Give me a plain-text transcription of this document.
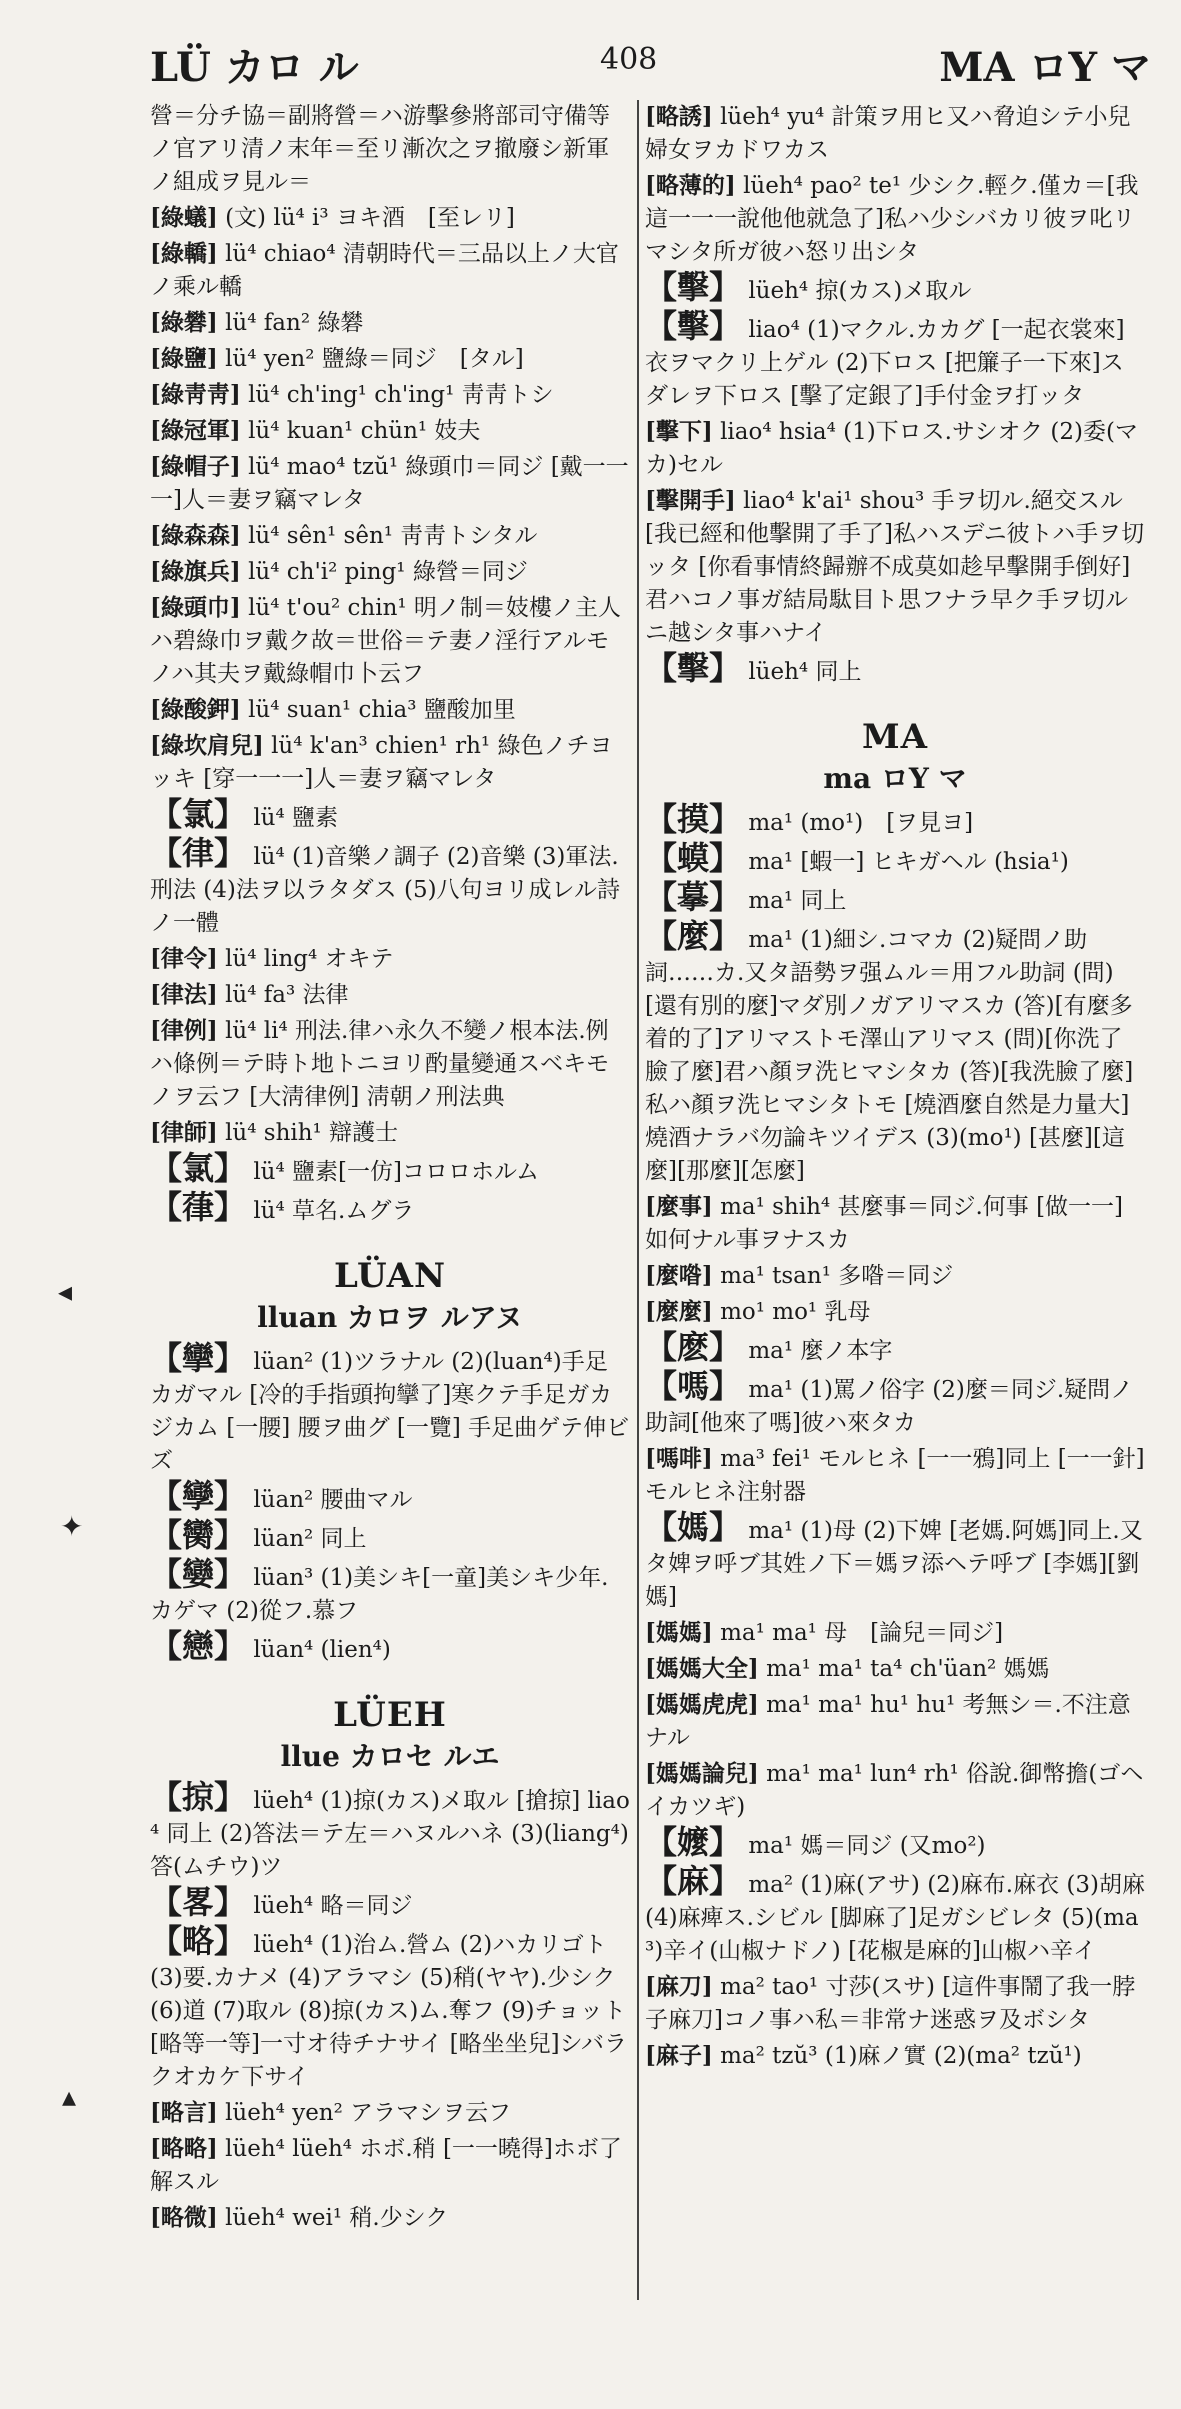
LÜ カロ ル	408	MA ロY マ
營＝分チ協＝副將營＝ハ游擊參將部司守備等ノ官アリ清ノ末年＝至リ漸次之ヲ撤廢シ新軍ノ組成ヲ見ル＝
[綠蟻] (文) lü⁴ i³ ヨキ酒　[至レリ]
[綠轎] lü⁴ chiao⁴ 清朝時代＝三品以上ノ大官ノ乘ル轎
[綠礬] lü⁴ fan² 綠礬
[綠鹽] lü⁴ yen² 鹽綠＝同ジ　[タル]
[綠靑靑] lü⁴ ch'ing¹ ch'ing¹ 靑靑トシ
[綠冠軍] lü⁴ kuan¹ chün¹ 妓夫
[綠帽子] lü⁴ mao⁴ tzŭ¹ 綠頭巾＝同ジ [戴一一一]人＝妻ヲ竊マレタ
[綠森森] lü⁴ sên¹ sên¹ 靑靑トシタル
[綠旗兵] lü⁴ ch'i² ping¹ 綠營＝同ジ
[綠頭巾] lü⁴ t'ou² chin¹ 明ノ制＝妓樓ノ主人ハ碧綠巾ヲ戴ク故＝世俗＝テ妻ノ淫行アルモノハ其夫ヲ戴綠帽巾卜云フ
[綠酸鉀] lü⁴ suan¹ chia³ 鹽酸加里
[綠坎肩兒] lü⁴ k'an³ chien¹ rh¹ 綠色ノチヨッキ [穿一一一]人＝妻ヲ竊マレタ
【氯】 lü⁴ 鹽素
【律】 lü⁴ (1)音樂ノ調子 (2)音樂 (3)軍法.刑法 (4)法ヲ以ラタダス (5)八句ヨリ成レル詩ノ一體
[律令] lü⁴ ling⁴ オキテ
[律法] lü⁴ fa³ 法律
[律例] lü⁴ li⁴ 刑法.律ハ永久不變ノ根本法.例ハ條例＝テ時ト地トニヨリ酌量變通スベキモノヲ云フ [大淸律例] 淸朝ノ刑法典
[律師] lü⁴ shih¹ 辯護士
【氯】 lü⁴ 鹽素[一仿]コロロホルム
【葎】 lü⁴ 草名.ムグラ
LÜAN
lluan カロヲ ルアヌ
【攣】 lüan² (1)ツラナル (2)(luan⁴)手足カガマル [冷的手指頭拘攣了]寒クテ手足ガカジカム [一腰] 腰ヲ曲グ [一覽] 手足曲ゲテ伸ビズ
【孿】 lüan² 腰曲マル
【臠】 lüan² 同上
【孌】 lüan³ (1)美シキ[一童]美シキ少年.カゲマ (2)從フ.慕フ
【戀】 lüan⁴ (lien⁴)
LÜEH
llue カロセ ルエ
【掠】 lüeh⁴ (1)掠(カス)メ取ル [搶掠] liao⁴ 同上 (2)答法＝テ左＝ハヌルハネ (3)(liang⁴)答(ムチウ)ツ
【畧】 lüeh⁴ 略＝同ジ
【略】 lüeh⁴ (1)治ム.營ム (2)ハカリゴト (3)要.カナメ (4)アラマシ (5)稍(ヤヤ).少シク (6)道 (7)取ル (8)掠(カス)ム.奪フ (9)チョット [略等一等]一寸オ待チナサイ [略坐坐兒]シバラクオカケ下サイ
[略言] lüeh⁴ yen² アラマシヲ云フ
[略略] lüeh⁴ lüeh⁴ ホボ.稍 [一一曉得]ホボ了解スル
[略微] lüeh⁴ wei¹ 稍.少シク
[略誘] lüeh⁴ yu⁴ 計策ヲ用ヒ又ハ脅迫シテ小兒婦女ヲカドワカス
[略薄的] lüeh⁴ pao² te¹ 少シク.輕ク.僅カ＝[我這一一一說他他就急了]私ハ少シバカリ彼ヲ叱リマシタ所ガ彼ハ怒リ出シタ
【擊】 lüeh⁴ 掠(カス)メ取ル
【擊】 liao⁴ (1)マクル.カカグ [一起衣裳來]衣ヲマクリ上ゲル (2)下ロス [把簾子一下來]スダレヲ下ロス [擊了定銀了]手付金ヲ打ッタ
[擊下] liao⁴ hsia⁴ (1)下ロス.サシオク (2)委(マカ)セル
[擊開手] liao⁴ k'ai¹ shou³ 手ヲ切ル.絕交スル [我已經和他擊開了手了]私ハスデニ彼トハ手ヲ切ッタ [你看事情終歸辦不成莫如趁早擊開手倒好]君ハコノ事ガ結局駄目ト思フナラ早ク手ヲ切ルニ越シタ事ハナイ
【擊】 lüeh⁴ 同上
MA
ma ロY マ
【摸】 ma¹ (mo¹)　[ヲ見ヨ]
【蟆】 ma¹ [蝦一] ヒキガヘル (hsia¹)
【摹】 ma¹ 同上
【麼】 ma¹ (1)細シ.コマカ (2)疑問ノ助詞……カ.又タ語勢ヲ强ムル＝用フル助詞 (問)[還有別的麼]マダ別ノガアリマスカ (答)[有麼多着的了]アリマストモ澤山アリマス (問)[你洗了臉了麼]君ハ顏ヲ洗ヒマシタカ (答)[我洗臉了麼]私ハ顏ヲ洗ヒマシタトモ [燒酒麼自然是力量大]燒酒ナラバ勿論キツイデス (3)(mo¹) [甚麼][這麼][那麼][怎麼]
[麼事] ma¹ shih⁴ 甚麼事＝同ジ.何事 [做一一]如何ナル事ヲナスカ
[麼喒] ma¹ tsan¹ 多喒＝同ジ
[麼麼] mo¹ mo¹ 乳母
【麽】 ma¹ 麼ノ本字
【嗎】 ma¹ (1)罵ノ俗字 (2)麼＝同ジ.疑問ノ助詞[他來了嗎]彼ハ來タカ
[嗎啡] ma³ fei¹ モルヒネ [一一鴉]同上 [一一針]モルヒネ注射器
【媽】 ma¹ (1)母 (2)下婢 [老媽.阿媽]同上.又タ婢ヲ呼ブ其姓ノ下＝媽ヲ添ヘテ呼ブ [李媽][劉媽]
[媽媽] ma¹ ma¹ 母　[論兒＝同ジ]
[媽媽大全] ma¹ ma¹ ta⁴ ch'üan² 媽媽
[媽媽虎虎] ma¹ ma¹ hu¹ hu¹ 考無シ＝.不注意ナル
[媽媽論兒] ma¹ ma¹ lun⁴ rh¹ 俗說.御幣擔(ゴヘイカツギ)
【嬤】 ma¹ 媽＝同ジ (又mo²)
【麻】 ma² (1)麻(アサ) (2)麻布.麻衣 (3)胡麻 (4)麻痺ス.シビル [脚麻了]足ガシビレタ (5)(ma³)辛イ(山椒ナドノ) [花椒是麻的]山椒ハ辛イ
[麻刀] ma² tao¹ 寸莎(スサ) [這件事鬧了我一脖子麻刀]コノ事ハ私＝非常ナ迷惑ヲ及ボシタ
[麻子] ma² tzŭ³ (1)麻ノ實 (2)(ma² tzŭ¹)
◂
✦
▴
